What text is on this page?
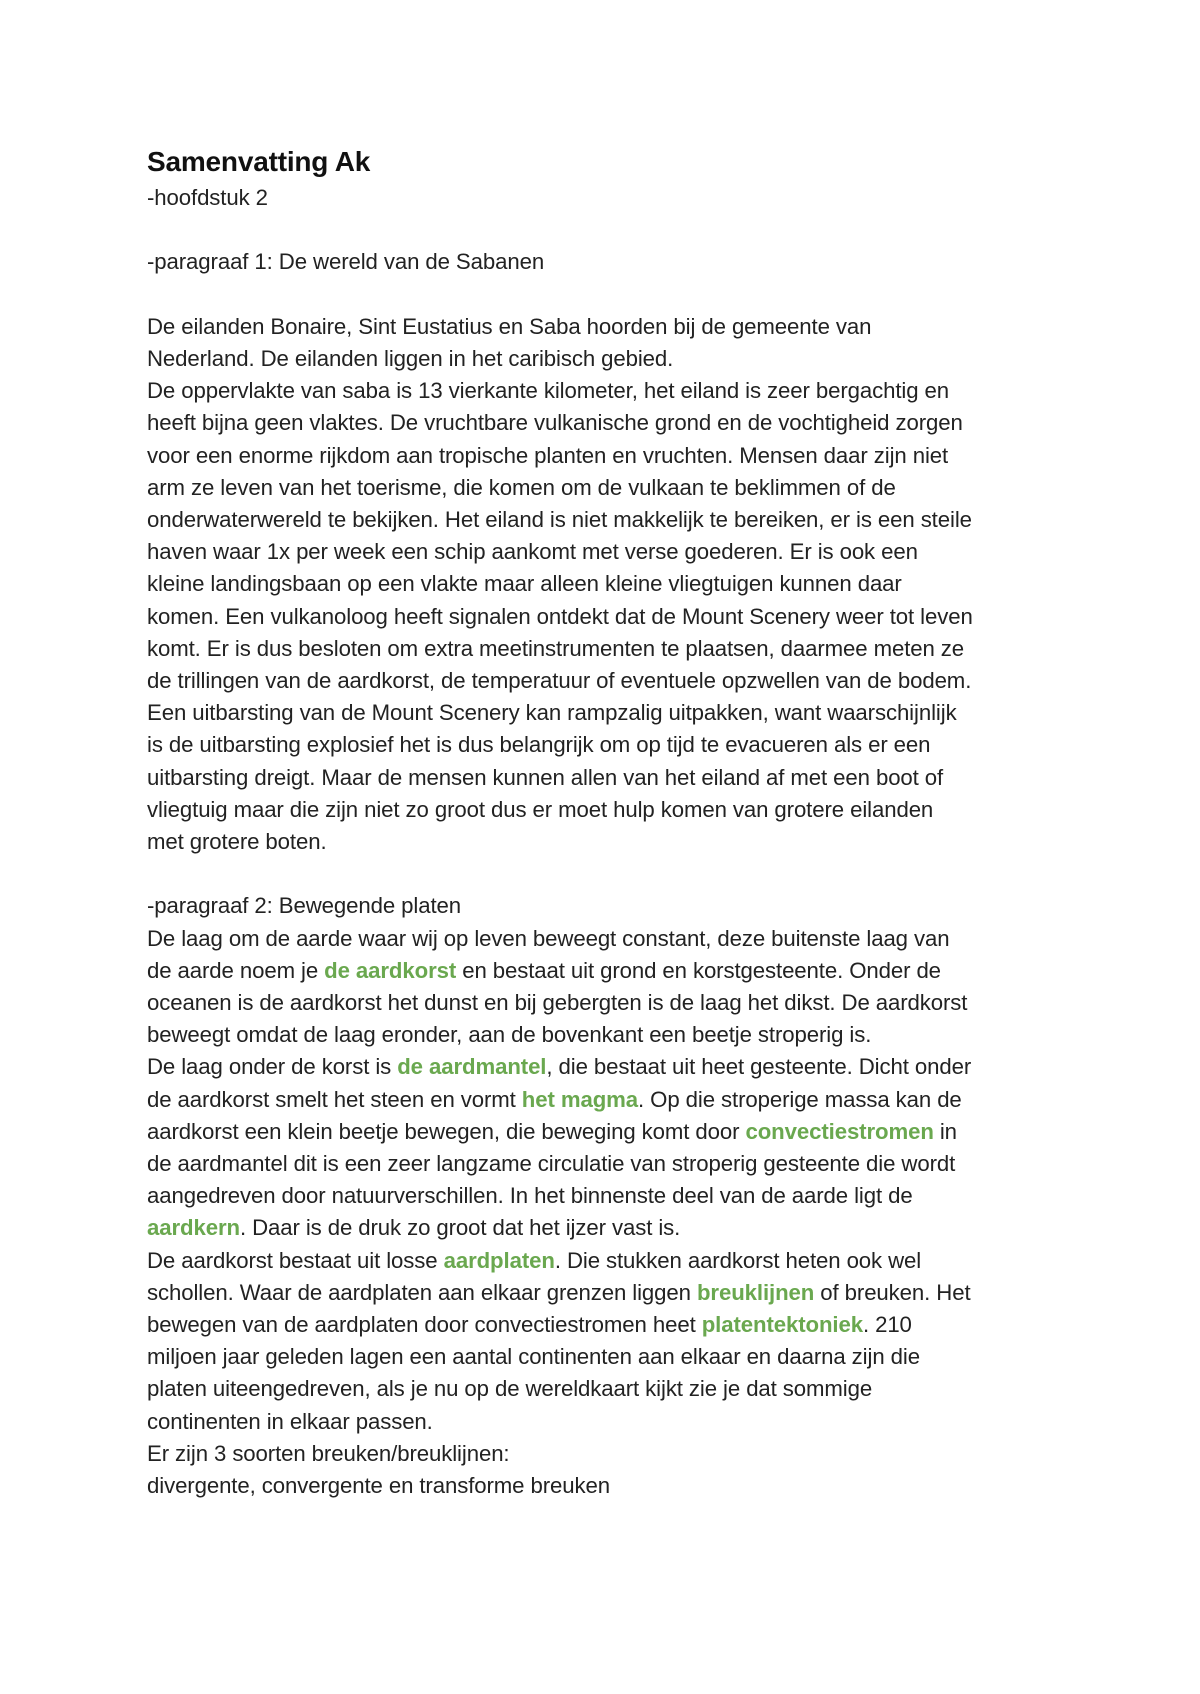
Samenvatting Ak

-hoofdstuk 2

-paragraaf 1: De wereld van de Sabanen

De eilanden Bonaire, Sint Eustatius en Saba hoorden bij de gemeente van

Nederland. De eilanden liggen in het caribisch gebied.

De oppervlakte van saba is 13 vierkante kilometer, het eiland is zeer bergachtig en

heeft bijna geen vlaktes. De vruchtbare vulkanische grond en de vochtigheid zorgen

voor een enorme rijkdom aan tropische planten en vruchten. Mensen daar zijn niet

arm ze leven van het toerisme, die komen om de vulkaan te beklimmen of de

onderwaterwereld te bekijken. Het eiland is niet makkelijk te bereiken, er is een steile

haven waar 1x per week een schip aankomt met verse goederen. Er is ook een

kleine landingsbaan op een vlakte maar alleen kleine vliegtuigen kunnen daar

komen. Een vulkanoloog heeft signalen ontdekt dat de Mount Scenery weer tot leven

komt. Er is dus besloten om extra meetinstrumenten te plaatsen, daarmee meten ze

de trillingen van de aardkorst, de temperatuur of eventuele opzwellen van de bodem.

Een uitbarsting van de Mount Scenery kan rampzalig uitpakken, want waarschijnlijk

is de uitbarsting explosief het is dus belangrijk om op tijd te evacueren als er een

uitbarsting dreigt. Maar de mensen kunnen allen van het eiland af met een boot of

vliegtuig maar die zijn niet zo groot dus er moet hulp komen van grotere eilanden

met grotere boten.

-paragraaf 2: Bewegende platen

De laag om de aarde waar wij op leven beweegt constant, deze buitenste laag van

de aarde noem je de aardkorst en bestaat uit grond en korstgesteente. Onder de

oceanen is de aardkorst het dunst en bij gebergten is de laag het dikst. De aardkorst

beweegt omdat de laag eronder, aan de bovenkant een beetje stroperig is.

De laag onder de korst is de aardmantel, die bestaat uit heet gesteente. Dicht onder

de aardkorst smelt het steen en vormt het magma. Op die stroperige massa kan de

aardkorst een klein beetje bewegen, die beweging komt door convectiestromen in

de aardmantel dit is een zeer langzame circulatie van stroperig gesteente die wordt

aangedreven door natuurverschillen. In het binnenste deel van de aarde ligt de

aardkern. Daar is de druk zo groot dat het ijzer vast is.

De aardkorst bestaat uit losse aardplaten. Die stukken aardkorst heten ook wel

schollen. Waar de aardplaten aan elkaar grenzen liggen breuklijnen of breuken. Het

bewegen van de aardplaten door convectiestromen heet platentektoniek. 210

miljoen jaar geleden lagen een aantal continenten aan elkaar en daarna zijn die

platen uiteengedreven, als je nu op de wereldkaart kijkt zie je dat sommige

continenten in elkaar passen.

Er zijn 3 soorten breuken/breuklijnen:

divergente, convergente en transforme breuken
